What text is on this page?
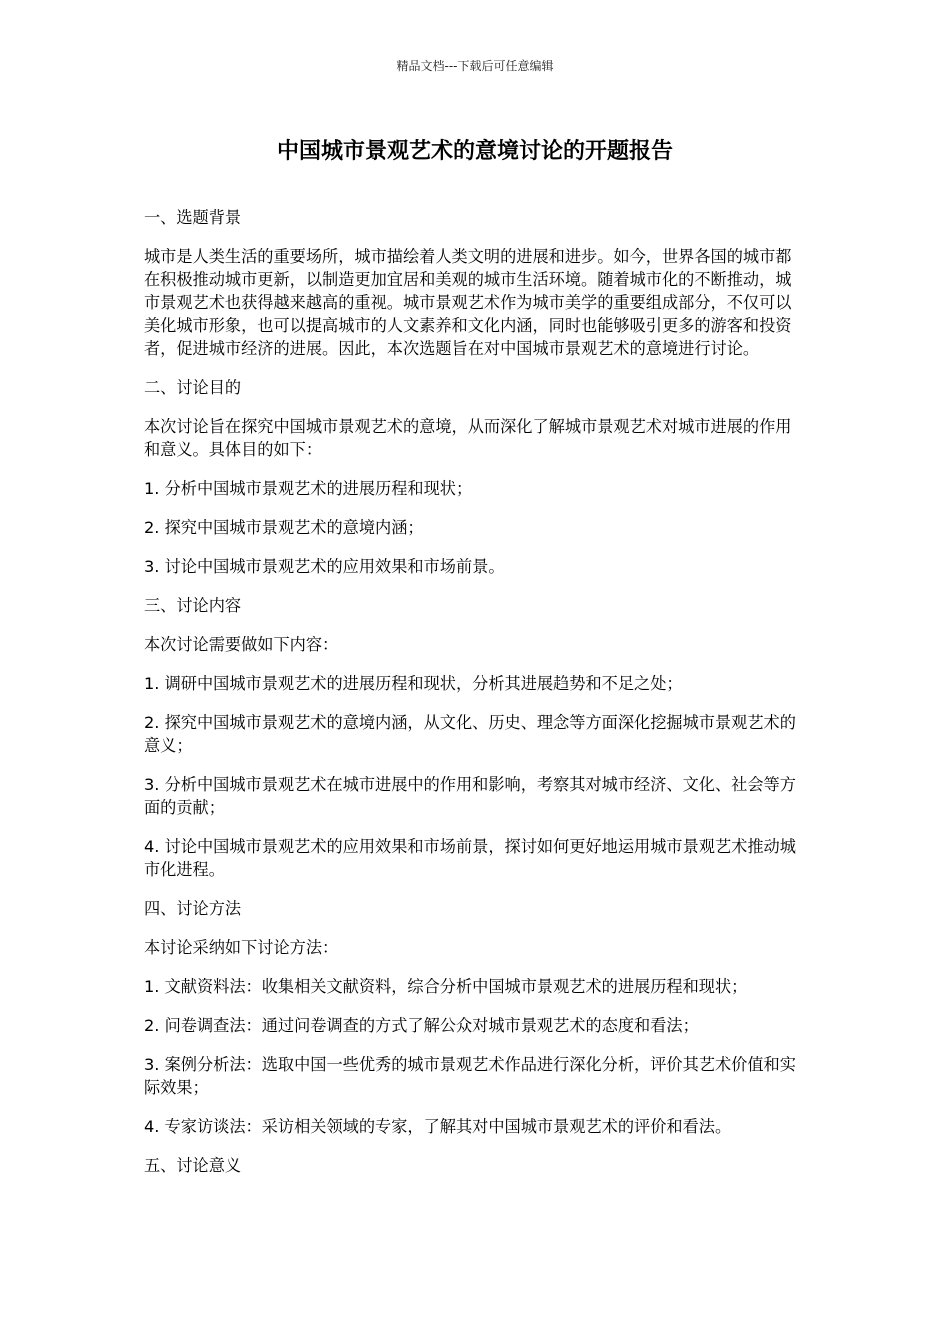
精品文档---下载后可任意编辑
中国城市景观艺术的意境讨论的开题报告

一、选题背景

城市是人类生活的重要场所，城市描绘着人类文明的进展和进步。如今，世界各国的城市都在积极推动城市更新，以制造更加宜居和美观的城市生活环境。随着城市化的不断推动，城市景观艺术也获得越来越高的重视。城市景观艺术作为城市美学的重要组成部分，不仅可以美化城市形象，也可以提高城市的人文素养和文化内涵，同时也能够吸引更多的游客和投资者，促进城市经济的进展。因此，本次选题旨在对中国城市景观艺术的意境进行讨论。

二、讨论目的

本次讨论旨在探究中国城市景观艺术的意境，从而深化了解城市景观艺术对城市进展的作用和意义。具体目的如下：

1. 分析中国城市景观艺术的进展历程和现状；

2. 探究中国城市景观艺术的意境内涵；

3. 讨论中国城市景观艺术的应用效果和市场前景。

三、讨论内容

本次讨论需要做如下内容：

1. 调研中国城市景观艺术的进展历程和现状，分析其进展趋势和不足之处；

2. 探究中国城市景观艺术的意境内涵，从文化、历史、理念等方面深化挖掘城市景观艺术的意义；

3. 分析中国城市景观艺术在城市进展中的作用和影响，考察其对城市经济、文化、社会等方面的贡献；

4. 讨论中国城市景观艺术的应用效果和市场前景，探讨如何更好地运用城市景观艺术推动城市化进程。

四、讨论方法

本讨论采纳如下讨论方法：

1. 文献资料法：收集相关文献资料，综合分析中国城市景观艺术的进展历程和现状；

2. 问卷调查法：通过问卷调查的方式了解公众对城市景观艺术的态度和看法；

3. 案例分析法：选取中国一些优秀的城市景观艺术作品进行深化分析，评价其艺术价值和实际效果；

4. 专家访谈法：采访相关领域的专家，了解其对中国城市景观艺术的评价和看法。

五、讨论意义
